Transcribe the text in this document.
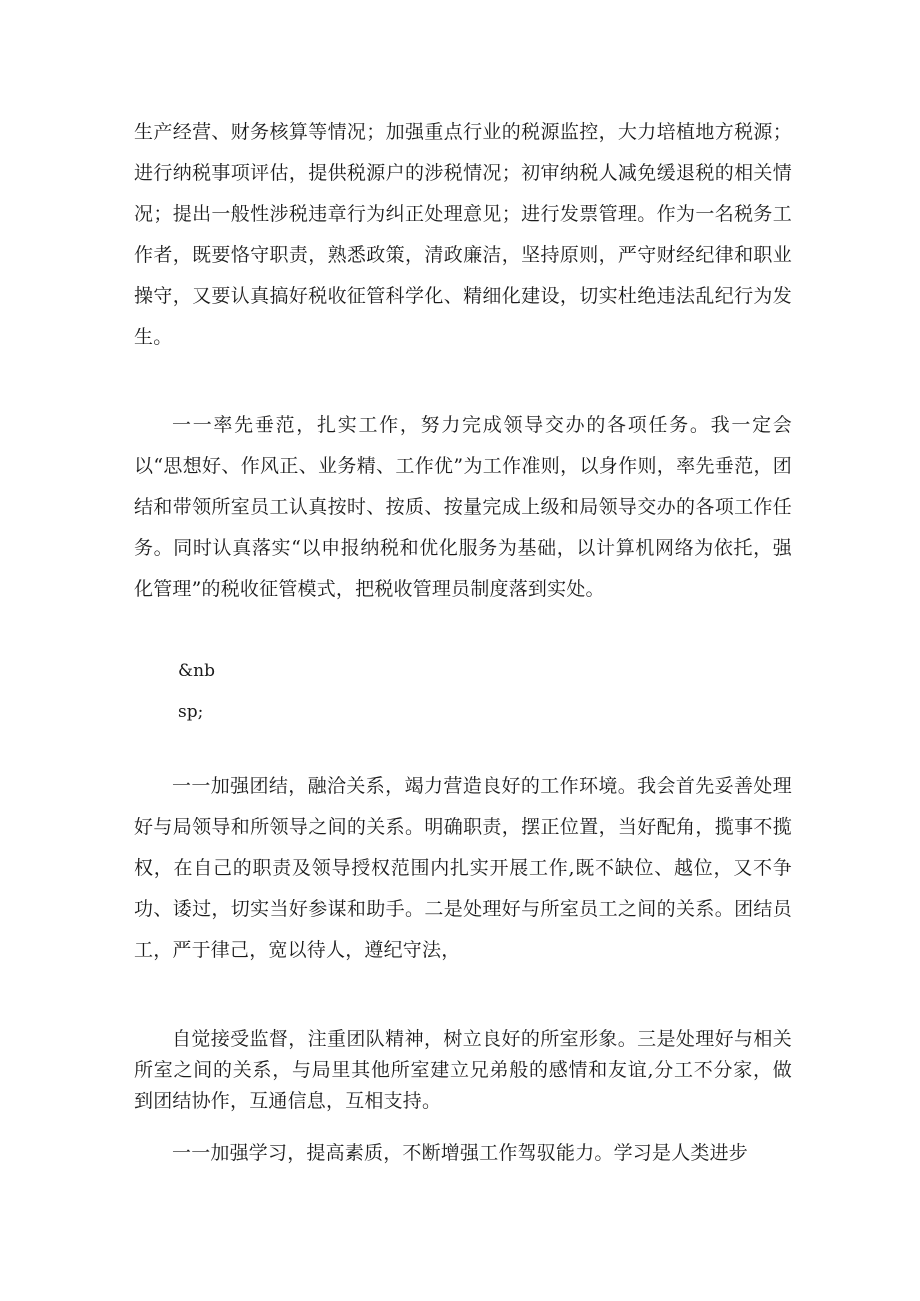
生产经营、财务核算等情况；加强重点行业的税源监控，大力培植地方税源；进行纳税事项评估，提供税源户的涉税情况；初审纳税人减免缓退税的相关情况；提出一般性涉税违章行为纠正处理意见；进行发票管理。作为一名税务工作者，既要恪守职责，熟悉政策，清政廉洁，坚持原则，严守财经纪律和职业操守，又要认真搞好税收征管科学化、精细化建设，切实杜绝违法乱纪行为发生。

一一率先垂范，扎实工作，努力完成领导交办的各项任务。我一定会以“思想好、作风正、业务精、工作优”为工作准则，以身作则，率先垂范，团结和带领所室员工认真按时、按质、按量完成上级和局领导交办的各项工作任务。同时认真落实“以申报纳税和优化服务为基础，以计算机网络为依托，强化管理”的税收征管模式，把税收管理员制度落到实处。

&nb

sp;

一一加强团结，融洽关系，竭力营造良好的工作环境。我会首先妥善处理好与局领导和所领导之间的关系。明确职责，摆正位置，当好配角，揽事不揽权，在自己的职责及领导授权范围内扎实开展工作,既不缺位、越位，又不争功、诿过，切实当好参谋和助手。二是处理好与所室员工之间的关系。团结员工，严于律己，宽以待人，遵纪守法，

自觉接受监督，注重团队精神，树立良好的所室形象。三是处理好与相关所室之间的关系，与局里其他所室建立兄弟般的感情和友谊,分工不分家，做到团结协作，互通信息，互相支持。

一一加强学习，提高素质，不断增强工作驾驭能力。学习是人类进步
